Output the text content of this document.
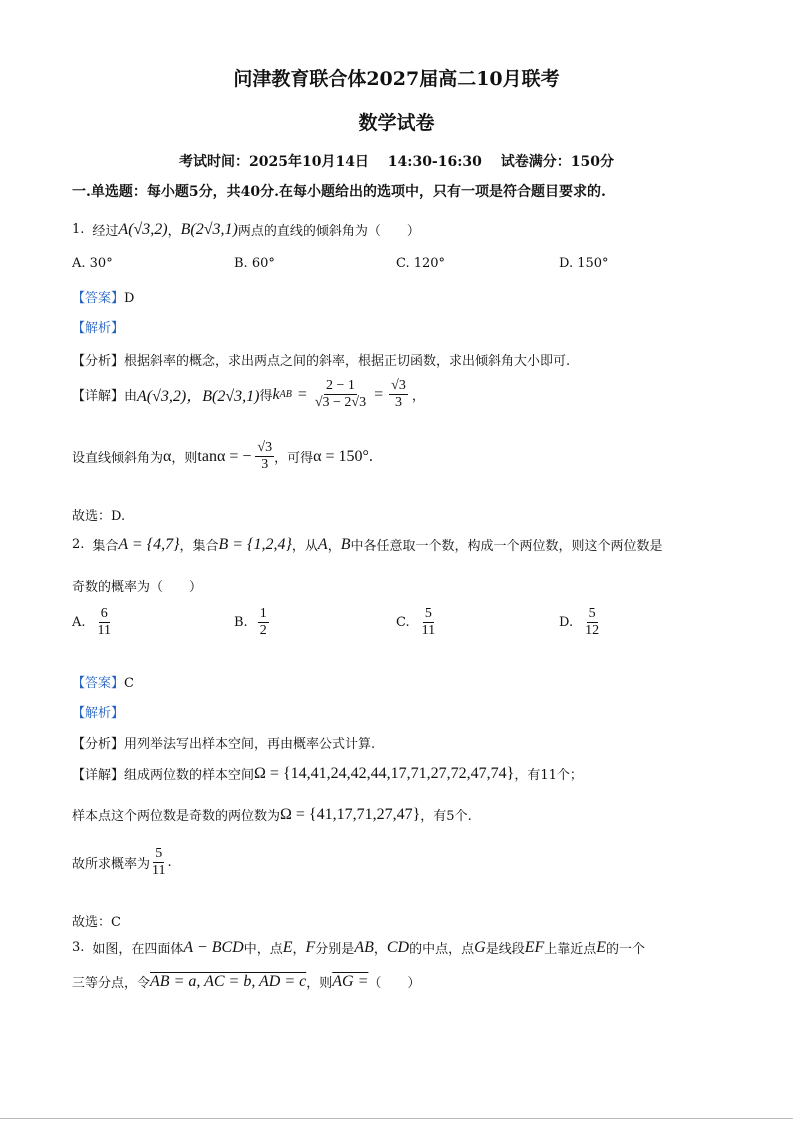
问津教育联合体2027届高二10月联考
数学试卷
考试时间：2025年10月14日　 14:30-16:30　 试卷满分：150分
一.单选题：每小题5分，共40分.在每小题给出的选项中，只有一项是符合题目要求的.
1. 经过 A(√3,2) ， B(2√3,1) 两点的直线的倾斜角为（　　）
A. 30°	B. 60°	C. 120°	D. 150°
【答案】D
【解析】
【分析】根据斜率的概念，求出两点之间的斜率，根据正切函数，求出倾斜角大小即可.
【详解】 由 A(√3,2)，B(2√3,1) 得 k AB = $\frac{2 - 1}{√3 - 2√3} = \frac{√3}{3}$ ，
设直线倾斜角为 α ，则 tanα = − $\frac{√3}{3}$ ，可得 α = 150°.
故选：D.
2. 集合 A = {4,7} ，集合 B = {1,2,4} ，从 A ， B 中各任意取一个数，构成一个两位数，则这个两位数是
奇数的概率为（　　）
A. $\frac{6}{11}$	B. $\frac{1}{2}$	C. $\frac{5}{11}$	D. $\frac{5}{12}$
【答案】C
【解析】
【分析】用列举法写出样本空间，再由概率公式计算.
【详解】 组成两位数的样本空间 Ω = {14,41,24,42,44,17,71,27,72,47,74} ，有11个；
样本点这个两位数是奇数的两位数为 Ω = {41,17,71,27,47} ，有5个.
故所求概率为 $\frac{5}{11}$ .
故选：C
3. 如图，在四面体 A − BCD 中，点 E ， F 分别是 AB ， CD 的中点，点 G 是线段 EF 上靠近点 E 的一个
三等分点，令 AB = a, AC = b, AD = c ，则 AG = （　　）
